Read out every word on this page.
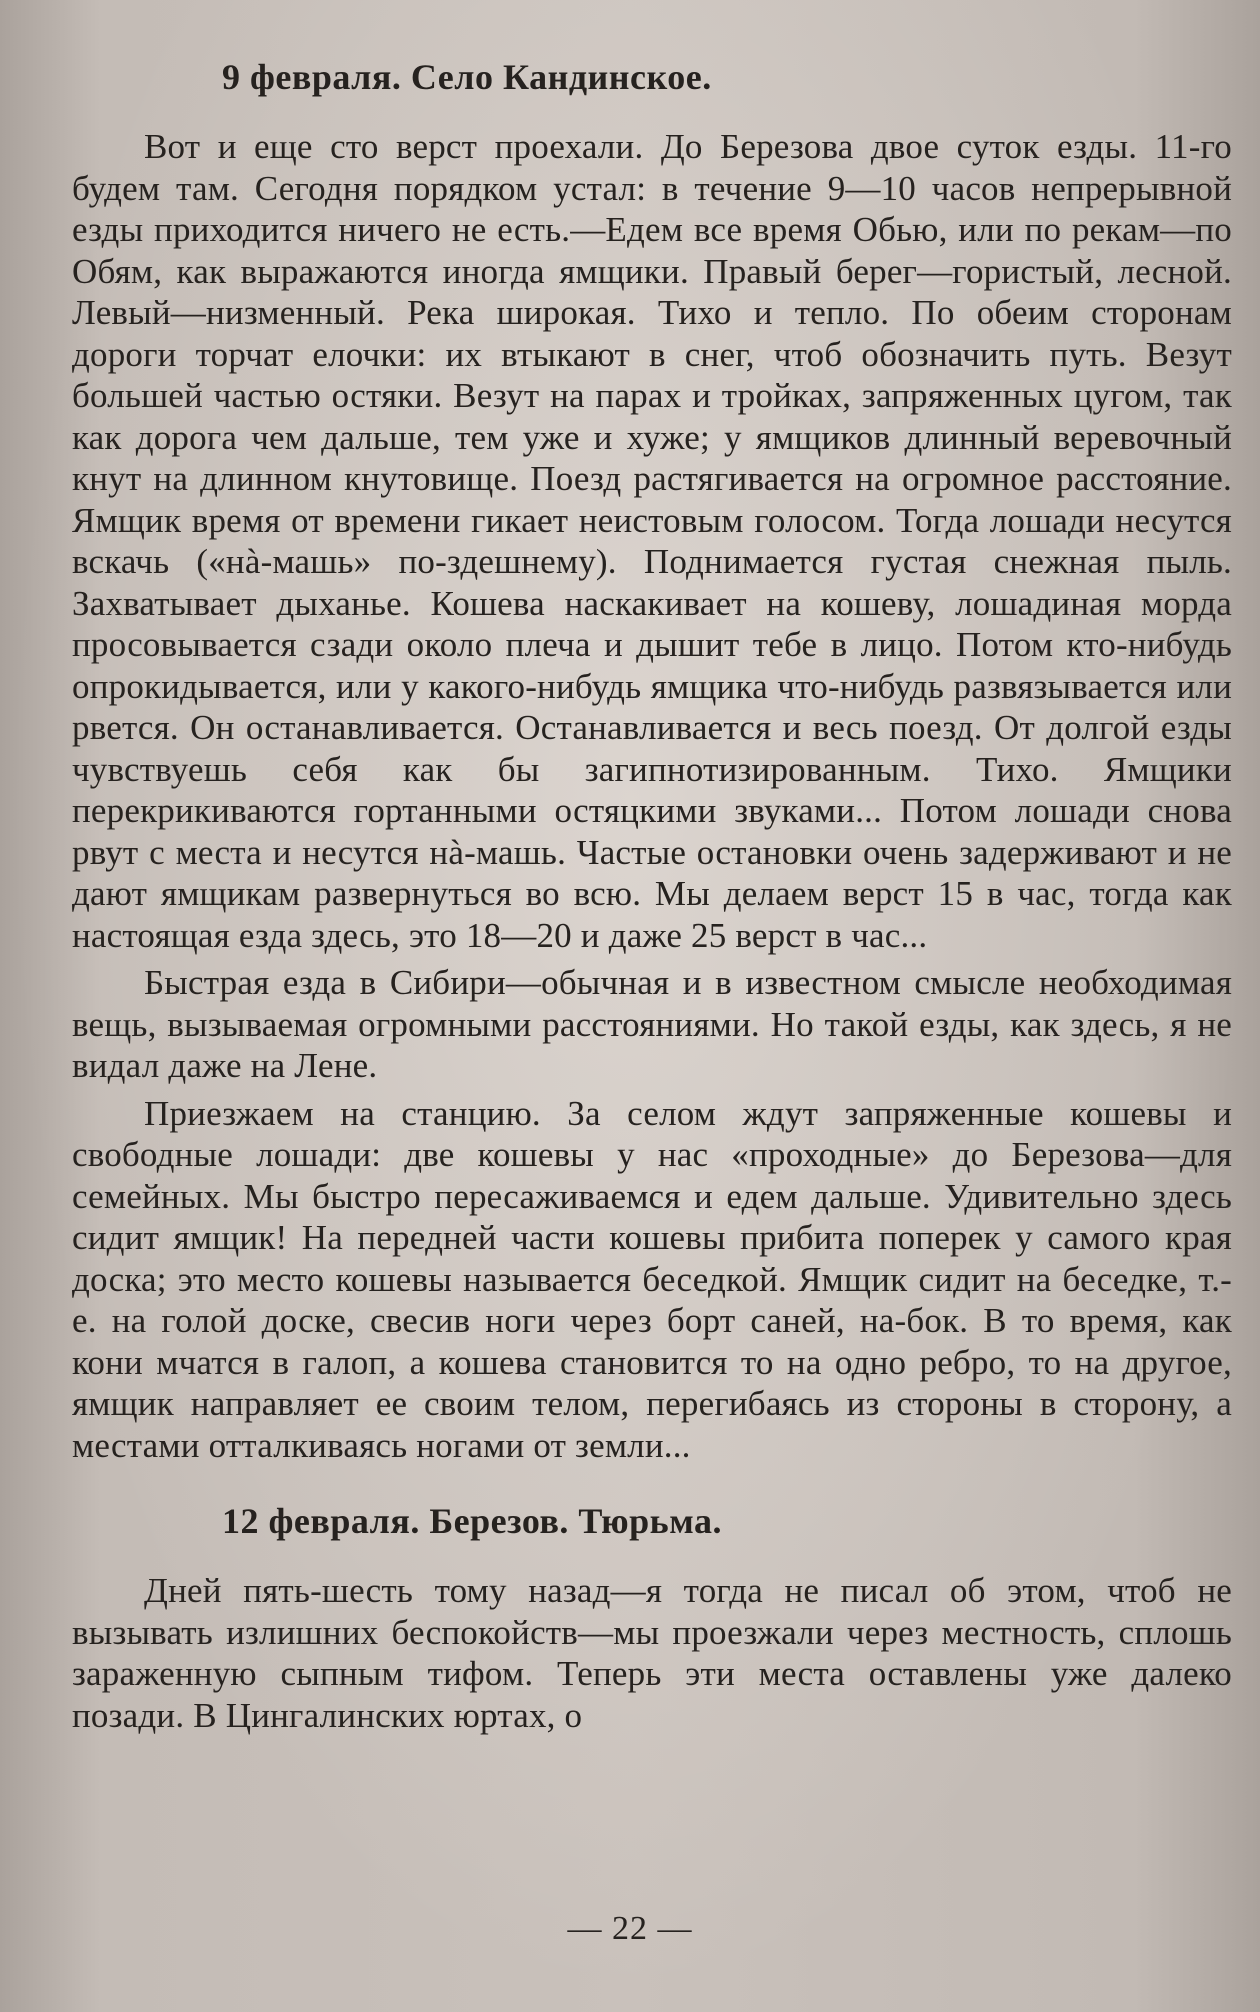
9 февраля. Село Кандинское.

Вот и еще сто верст проехали. До Березова двое суток езды. 11-го будем там. Сегодня порядком устал: в течение 9—10 часов непрерывной езды приходится ничего не есть.—Едем все время Обью, или по рекам—по Обям, как выражаются иногда ямщики. Правый берег—гористый, лесной. Левый—низменный. Река широкая. Тихо и тепло. По обеим сторонам дороги торчат елочки: их втыкают в снег, чтоб обозначить путь. Везут большей частью остяки. Везут на парах и тройках, запряженных цугом, так как дорога чем дальше, тем уже и хуже; у ямщиков длинный веревочный кнут на длинном кнутовище. Поезд растягивается на огромное расстояние. Ямщик время от времени гикает неистовым голосом. Тогда лошади несутся вскачь («нà-машь» по-здешнему). Поднимается густая снежная пыль. Захватывает дыханье. Кошева наскакивает на кошеву, лошадиная морда просовывается сзади около плеча и дышит тебе в лицо. Потом кто-нибудь опрокидывается, или у какого-нибудь ямщика что-нибудь развязывается или рвется. Он останавливается. Останавливается и весь поезд. От долгой езды чувствуешь себя как бы загипнотизированным. Тихо. Ямщики перекрикиваются гортанными остяцкими звуками... Потом лошади снова рвут с места и несутся нà-машь. Частые остановки очень задерживают и не дают ямщикам развернуться во всю. Мы делаем верст 15 в час, тогда как настоящая езда здесь, это 18—20 и даже 25 верст в час...

Быстрая езда в Сибири—обычная и в известном смысле необходимая вещь, вызываемая огромными расстояниями. Но такой езды, как здесь, я не видал даже на Лене.

Приезжаем на станцию. За селом ждут запряженные кошевы и свободные лошади: две кошевы у нас «проходные» до Березова—для семейных. Мы быстро пересаживаемся и едем дальше. Удивительно здесь сидит ямщик! На передней части кошевы прибита поперек у самого края доска; это место кошевы называется беседкой. Ямщик сидит на беседке, т.-е. на голой доске, свесив ноги через борт саней, на-бок. В то время, как кони мчатся в галоп, а кошева становится то на одно ребро, то на другое, ямщик направляет ее своим телом, перегибаясь из стороны в сторону, а местами отталкиваясь ногами от земли...

12 февраля. Березов. Тюрьма.

Дней пять-шесть тому назад—я тогда не писал об этом, чтоб не вызывать излишних беспокойств—мы проезжали через местность, сплошь зараженную сыпным тифом. Теперь эти места оставлены уже далеко позади. В Цингалинских юртах, о

— 22 —
